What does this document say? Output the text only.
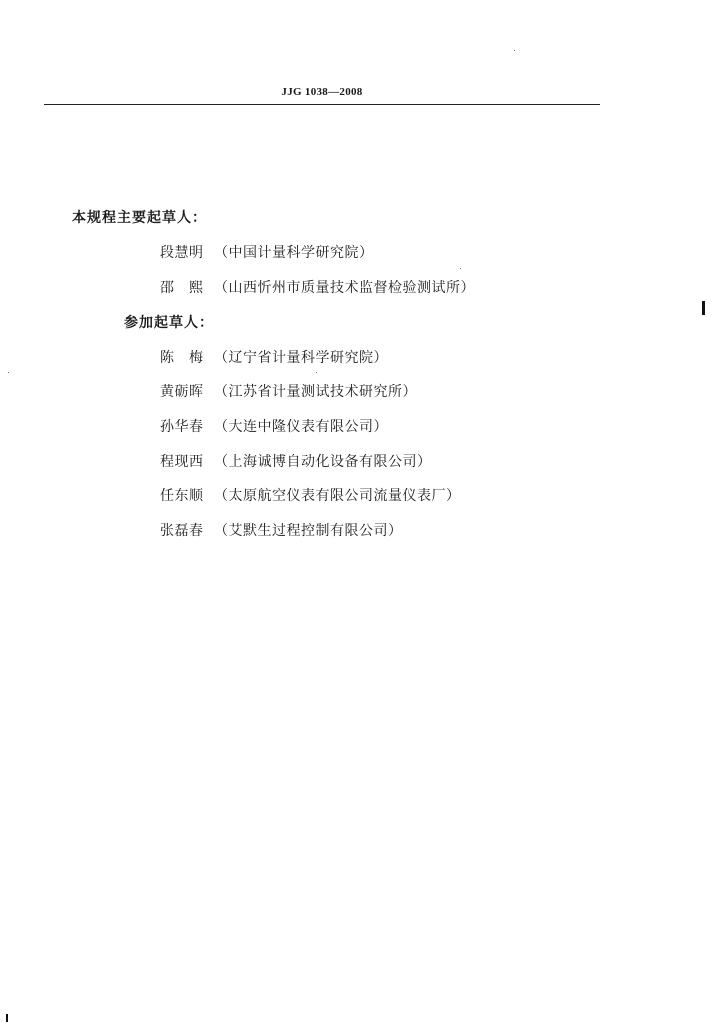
JJG 1038—2008
本规程主要起草人：
段慧明 （中国计量科学研究院）
邵　熙 （山西忻州市质量技术监督检验测试所）
参加起草人：
陈　梅 （辽宁省计量科学研究院）
黄砺晖 （江苏省计量测试技术研究所）
孙华春 （大连中隆仪表有限公司）
程现西 （上海诚博自动化设备有限公司）
任东顺 （太原航空仪表有限公司流量仪表厂）
张磊春 （艾默生过程控制有限公司）
